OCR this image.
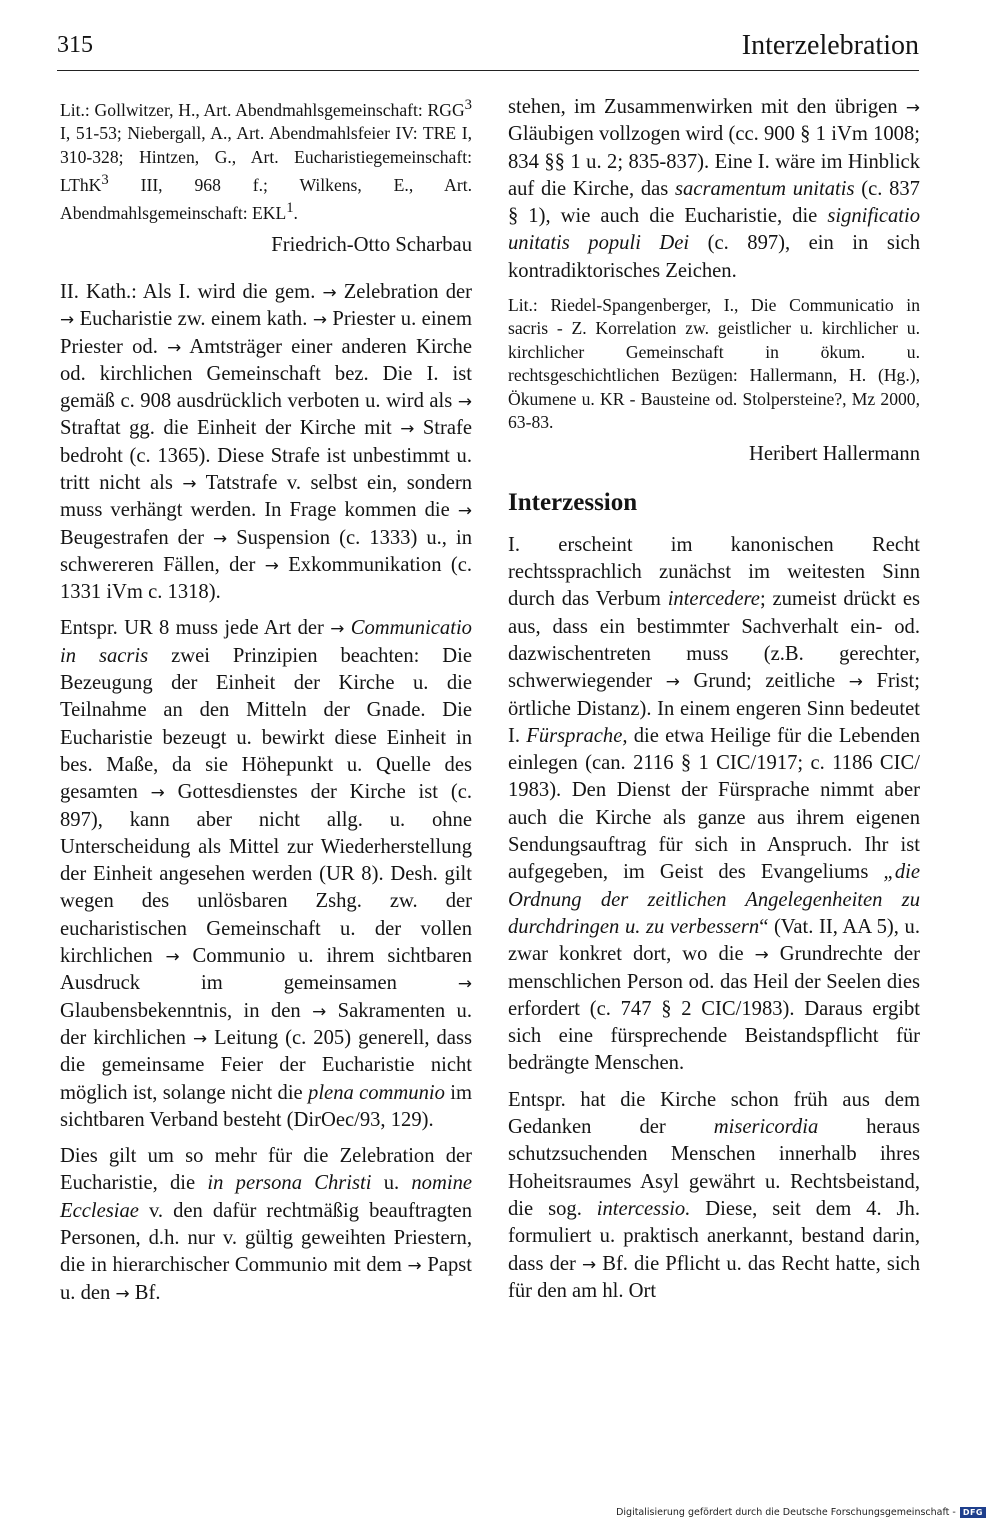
315	Interzelebration

Lit.: Gollwitzer, H., Art. Abendmahlsgemeinschaft: RGG$^3$ I, 51-53; Niebergall, A., Art. Abendmahlsfeier IV: TRE I, 310-328; Hintzen, G., Art. Eucharistiegemeinschaft: LThK$^3$ III, 968 f.; Wilkens, E., Art. Abendmahlsgemeinschaft: EKL$^1$.

Friedrich-Otto Scharbau

II. Kath.: Als I. wird die gem. → Zelebration der → Eucharistie zw. einem kath. → Priester u. einem Priester od. → Amtsträger einer anderen Kirche od. kirchlichen Gemeinschaft bez. Die I. ist gemäß c. 908 ausdrücklich verboten u. wird als → Straftat gg. die Einheit der Kirche mit → Strafe bedroht (c. 1365). Diese Strafe ist unbestimmt u. tritt nicht als → Tatstrafe v. selbst ein, sondern muss verhängt werden. In Frage kommen die → Beugestrafen der → Suspension (c. 1333) u., in schwereren Fällen, der → Exkommunikation (c. 1331 iVm c. 1318).

Entspr. UR 8 muss jede Art der → Communicatio in sacris zwei Prinzipien beachten: Die Bezeugung der Einheit der Kirche u. die Teilnahme an den Mitteln der Gnade. Die Eucharistie bezeugt u. bewirkt diese Einheit in bes. Maße, da sie Höhepunkt u. Quelle des gesamten → Gottesdienstes der Kirche ist (c. 897), kann aber nicht allg. u. ohne Unterscheidung als Mittel zur Wiederherstellung der Einheit angesehen werden (UR 8). Desh. gilt wegen des unlösbaren Zshg. zw. der eucharistischen Gemeinschaft u. der vollen kirchlichen → Communio u. ihrem sichtbaren Ausdruck im gemeinsamen → Glaubensbekenntnis, in den → Sakramenten u. der kirchlichen → Leitung (c. 205) generell, dass die gemeinsame Feier der Eucharistie nicht möglich ist, solange nicht die plena communio im sichtbaren Verband besteht (DirOec/93, 129).

Dies gilt um so mehr für die Zelebration der Eucharistie, die in persona Christi u. nomine Ecclesiae v. den dafür rechtmäßig beauftragten Personen, d.h. nur v. gültig geweihten Priestern, die in hierarchischer Communio mit dem → Papst u. den → Bf.

stehen, im Zusammenwirken mit den übrigen → Gläubigen vollzogen wird (cc. 900 § 1 iVm 1008; 834 §§ 1 u. 2; 835-837). Eine I. wäre im Hinblick auf die Kirche, das sacramentum unitatis (c. 837 § 1), wie auch die Eucharistie, die significatio unitatis populi Dei (c. 897), ein in sich kontradiktorisches Zeichen.

Lit.: Riedel-Spangenberger, I., Die Communicatio in sacris - Z. Korrelation zw. geistlicher u. kirchlicher u. kirchlicher Gemeinschaft in ökum. u. rechtsgeschichtlichen Bezügen: Hallermann, H. (Hg.), Ökumene u. KR - Bausteine od. Stolpersteine?, Mz 2000, 63-83.

Heribert Hallermann

Interzession

I. erscheint im kanonischen Recht rechtssprachlich zunächst im weitesten Sinn durch das Verbum intercedere; zumeist drückt es aus, dass ein bestimmter Sachverhalt ein- od. dazwischentreten muss (z.B. gerechter, schwerwiegender → Grund; zeitliche → Frist; örtliche Distanz). In einem engeren Sinn bedeutet I. Fürsprache, die etwa Heilige für die Lebenden einlegen (can. 2116 § 1 CIC/1917; c. 1186 CIC/ 1983). Den Dienst der Fürsprache nimmt aber auch die Kirche als ganze aus ihrem eigenen Sendungsauftrag für sich in Anspruch. Ihr ist aufgegeben, im Geist des Evangeliums „die Ordnung der zeitlichen Angelegenheiten zu durchdringen u. zu verbessern“ (Vat. II, AA 5), u. zwar konkret dort, wo die → Grundrechte der menschlichen Person od. das Heil der Seelen dies erfordert (c. 747 § 2 CIC/1983). Daraus ergibt sich eine fürsprechende Beistandspflicht für bedrängte Menschen.

Entspr. hat die Kirche schon früh aus dem Gedanken der misericordia heraus schutzsuchenden Menschen innerhalb ihres Hoheitsraumes Asyl gewährt u. Rechtsbeistand, die sog. intercessio. Diese, seit dem 4. Jh. formuliert u. praktisch anerkannt, bestand darin, dass der → Bf. die Pflicht u. das Recht hatte, sich für den am hl. Ort

Digitalisierung gefördert durch die Deutsche Forschungsgemeinschaft - DFG
